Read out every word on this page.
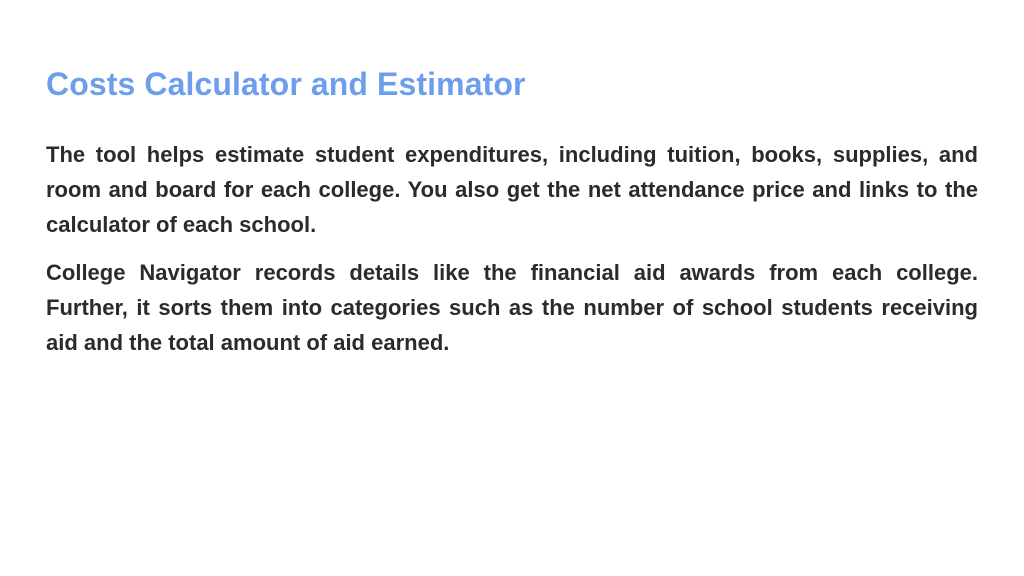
Costs Calculator and Estimator

The tool helps estimate student expenditures, including tuition, books, supplies, and room and board for each college. You also get the net attendance price and links to the calculator of each school.

College Navigator records details like the financial aid awards from each college. Further, it sorts them into categories such as the number of school students receiving aid and the total amount of aid earned.
